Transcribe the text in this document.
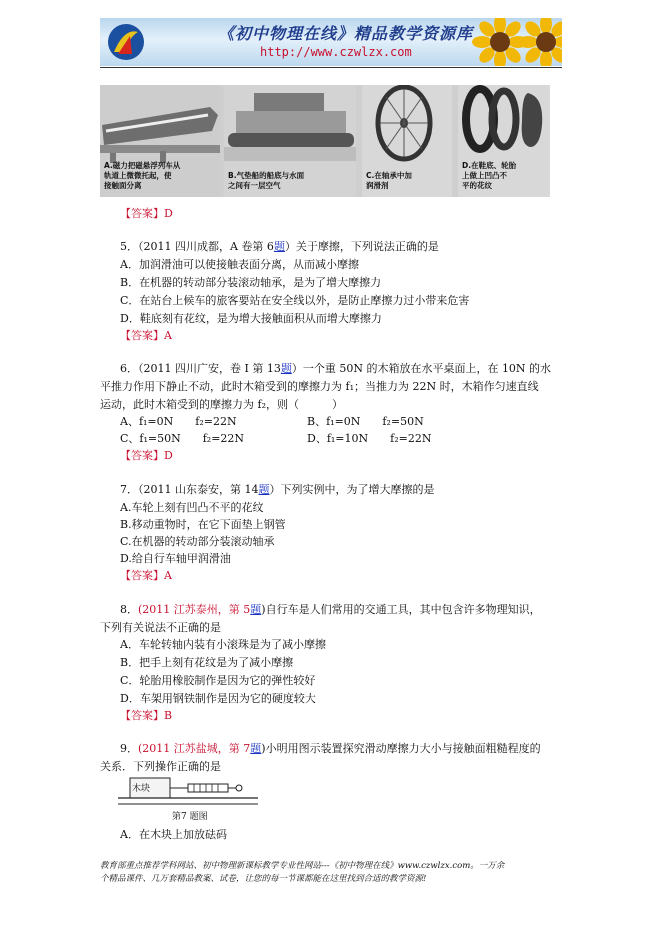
《初中物理在线》精品教学资源库
http://www.czwlzx.com
A.磁力把磁悬浮列车从
轨道上微微托起，使
接触面分离
B.气垫船的船底与水面
之间有一层空气
C.在轴承中加
润滑剂
D.在鞋底、轮胎
上做上凹凸不
平的花纹
【答案】D
5．（2011 四川成都，A 卷第 6题）关于摩擦，下列说法正确的是
A．加润滑油可以使接触表面分离，从而减小摩擦
B．在机器的转动部分装滚动轴承，是为了增大摩擦力
C．在站台上候车的旅客要站在安全线以外，是防止摩擦力过小带来危害
D．鞋底刻有花纹，是为增大接触面积从而增大摩擦力
【答案】A
6．（2011 四川广安，卷 I 第 13题）一个重 50N 的木箱放在水平桌面上，在 10N 的水
平推力作用下静止不动，此时木箱受到的摩擦力为 f₁；当推力为 22N 时，木箱作匀速直线
运动，此时木箱受到的摩擦力为 f₂，则（　　　）
A、f₁=0N　　f₂=22N	B、f₁=0N　　f₂=50N
C、f₁=50N　　f₂=22N	D、f₁=10N　　f₂=22N
【答案】D
7．（2011 山东泰安，第 14题）下列实例中，为了增大摩擦的是
A.车轮上刻有凹凸不平的花纹
B.移动重物时，在它下面垫上钢管
C.在机器的转动部分装滚动轴承
D.给自行车轴甲润滑油
【答案】A
8．(2011 江苏泰州，第 5题)自行车是人们常用的交通工具，其中包含许多物理知识，
下列有关说法不正确的是
A．车轮转轴内装有小滚珠是为了减小摩擦
B．把手上刻有花纹是为了减小摩擦
C．轮胎用橡胶制作是因为它的弹性较好
D．车架用钢铁制作是因为它的硬度较大
【答案】B
9．(2011 江苏盐城，第 7题)小明用图示装置探究滑动摩擦力大小与接触面粗糙程度的
关系．下列操作正确的是
木块
第7 题图
A．在木块上加放砝码
教育部重点推荐学科网站、初中物理新课标教学专业性网站---《初中物理在线》www.czwlzx.com。一万余
个精品课件、几万套精品教案、试卷，让您的每一节课都能在这里找到合适的教学资源!
